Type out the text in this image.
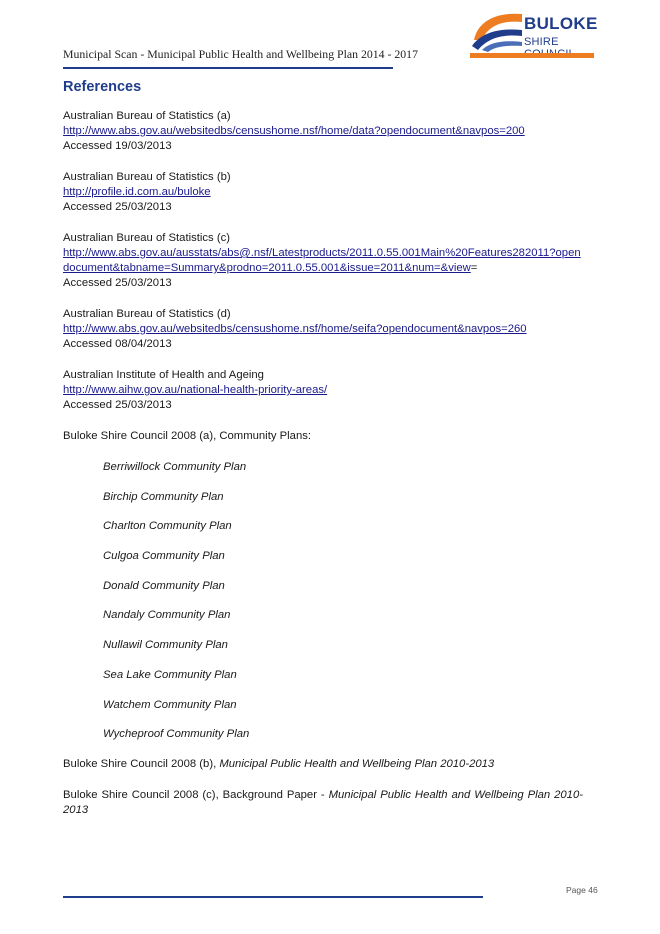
Municipal Scan - Municipal Public Health and Wellbeing Plan 2014 - 2017
BULOKE
SHIRE
References
Australian Bureau of Statistics (a)
http://www.abs.gov.au/websitedbs/censushome.nsf/home/data?opendocument&navpos=200
Accessed 19/03/2013
Australian Bureau of Statistics (b)
http://profile.id.com.au/buloke
Accessed 25/03/2013
Australian Bureau of Statistics (c)
http://www.abs.gov.au/ausstats/abs@.nsf/Latestproducts/2011.0.55.001Main%20Features282011?opendocument&tabname=Summary&prodno=2011.0.55.001&issue=2011&num=&view=
Accessed 25/03/2013
Australian Bureau of Statistics (d)
http://www.abs.gov.au/websitedbs/censushome.nsf/home/seifa?opendocument&navpos=260
Accessed 08/04/2013
Australian Institute of Health and Ageing
http://www.aihw.gov.au/national-health-priority-areas/
Accessed 25/03/2013
Buloke Shire Council 2008 (a), Community Plans:
Berriwillock Community Plan
Birchip Community Plan
Charlton Community Plan
Culgoa Community Plan
Donald Community Plan
Nandaly Community Plan
Nullawil Community Plan
Sea Lake Community Plan
Watchem Community Plan
Wycheproof Community Plan
Buloke Shire Council 2008 (b), Municipal Public Health and Wellbeing Plan 2010-2013
Buloke Shire Council 2008 (c), Background Paper - Municipal Public Health and Wellbeing Plan 2010-2013
Page 46
